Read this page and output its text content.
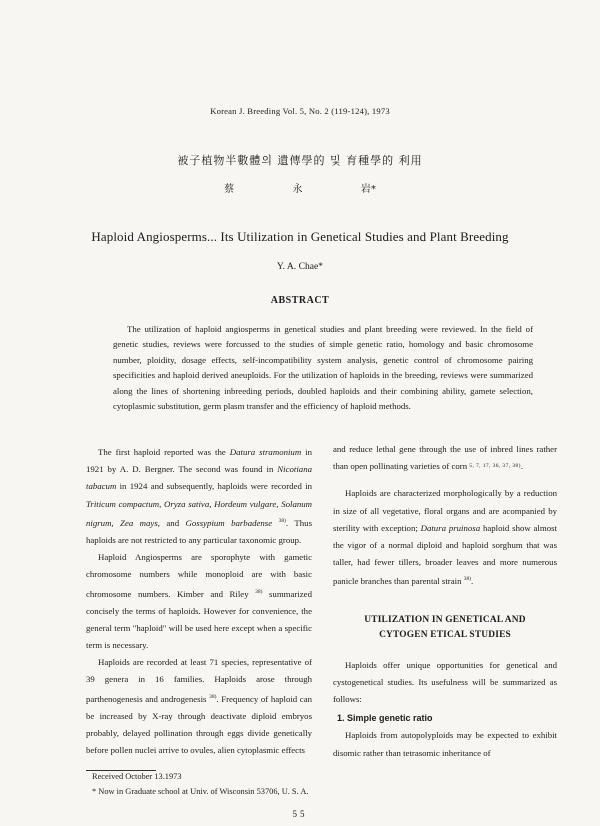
Korean J. Breeding Vol. 5, No. 2 (119-124), 1973
被子植物半數體의 遺傳學的 및 育種學的 利用
蔡	永	岩*
Haploid Angiosperms... Its Utilization in Genetical Studies and Plant Breeding
Y. A. Chae*
ABSTRACT

The utilization of haploid angiosperms in genetical studies and plant breeding were reviewed. In the field of genetic studies, reviews were forcussed to the studies of simple genetic ratio, homology and basic chromosome number, ploidity, dosage effects, self-incompatibility system analysis, genetic control of chromosome pairing specificities and haploid derived aneuploids. For the utilization of haploids in the breeding, reviews were summarized along the lines of shortening inbreeding periods, doubled haploids and their combining ability, gamete selection, cytoplasmic substitution, germ plasm transfer and the efficiency of haploid methods.

The first haploid reported was the Datura stramonium in 1921 by A. D. Bergner. The second was found in Nicotiana tabacum in 1924 and subsequently, haploids were recorded in Triticum compactum, Oryza sativa, Hordeum vulgare, Solanum nigrum, Zea mays, and Gossypium barbadense $^{38)}$. Thus haploids are not restricted to any particular taxonomic group.

Haploid Angiosperms are sporophyte with gametic chromosome numbers while monoploid are with basic chromosome numbers. Kimber and Riley $^{38)}$ summarized concisely the terms of haploids. However for convenience, the general term "haploid" will be used here except when a specific term is necessary.

Haploids are recorded at least 71 species, representative of 39 genera in 16 families. Haploids arose through parthenogenesis and androgenesis $^{38)}$. Frequency of haploid can be increased by X-ray through deactivate diploid embryos probably, delayed pollination through eggs divide genetically before pollen nuclei arrive to ovules, alien cytoplasmic effects

and reduce lethal gene through the use of inbred lines rather than open pollinating varieties of corn $^{5, 7, 17, 36, 37, 38)}$.

Haploids are characterized morphologically by a reduction in size of all vegetative, floral organs and are acompanied by sterility with exception; Datura pruinosa haploid show almost the vigor of a normal diploid and haploid sorghum that was taller, had fewer tillers, broader leaves and more numerous panicle branches than parental strain $^{38)}$.

UTILIZATION IN GENETICAL AND
CYTOGEN ETICAL STUDIES

Haploids offer unique opportunities for genetical and cystogenetical studies. Its usefulness will be summarized as follows:

1. Simple genetic ratio

Haploids from autopolyploids may be expected to exhibit disomic rather than tetrasomic inheritance of

Received October 13.1973
* Now in Graduate school at Univ. of Wisconsin 53706, U. S. A.
55
